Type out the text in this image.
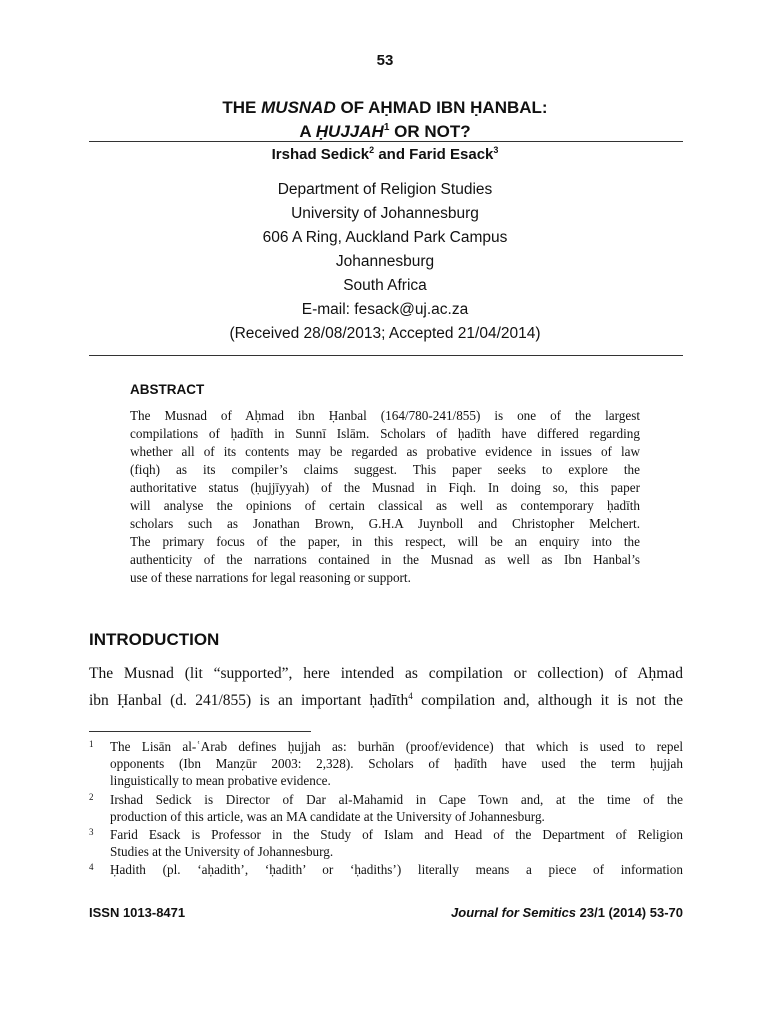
53
THE MUSNAD OF AḤMAD IBN ḤANBAL:
A ḤUJJAH$^1$ OR NOT?
Irshad Sedick$^2$ and Farid Esack$^3$
Department of Religion Studies
University of Johannesburg
606 A Ring, Auckland Park Campus
Johannesburg
South Africa
E-mail: fesack@uj.ac.za
(Received 28/08/2013; Accepted 21/04/2014)
ABSTRACT
The Musnad of Aḥmad ibn Ḥanbal (164/780-241/855) is one of the largest
compilations of ḥadīth in Sunnī Islām. Scholars of ḥadīth have differed regarding
whether all of its contents may be regarded as probative evidence in issues of law
(fiqh) as its compiler’s claims suggest. This paper seeks to explore the
authoritative status (ḥujjīyyah) of the Musnad in Fiqh. In doing so, this paper
will analyse the opinions of certain classical as well as contemporary ḥadīth
scholars such as Jonathan Brown, G.H.A Juynboll and Christopher Melchert.
The primary focus of the paper, in this respect, will be an enquiry into the
authenticity of the narrations contained in the Musnad as well as Ibn Hanbal’s
use of these narrations for legal reasoning or support.
INTRODUCTION
The Musnad (lit “supported”, here intended as compilation or collection) of Aḥmad
ibn Ḥanbal (d. 241/855) is an important ḥadīth$^4$ compilation and, although it is not the
1 The Lisān al-ʿArab defines ḥujjah as: burhān (proof/evidence) that which is used to repel
opponents (Ibn Manẓūr 2003: 2,328). Scholars of ḥadīth have used the term ḥujjah
linguistically to mean probative evidence.
2 Irshad Sedick is Director of Dar al-Mahamid in Cape Town and, at the time of the
production of this article, was an MA candidate at the University of Johannesburg.
3 Farid Esack is Professor in the Study of Islam and Head of the Department of Religion
Studies at the University of Johannesburg.
4 Ḥadith (pl. ‘aḥadith’, ‘ḥadith’ or ‘ḥadiths’) literally means a piece of information
ISSN 1013-8471	Journal for Semitics 23/1 (2014) 53-70
